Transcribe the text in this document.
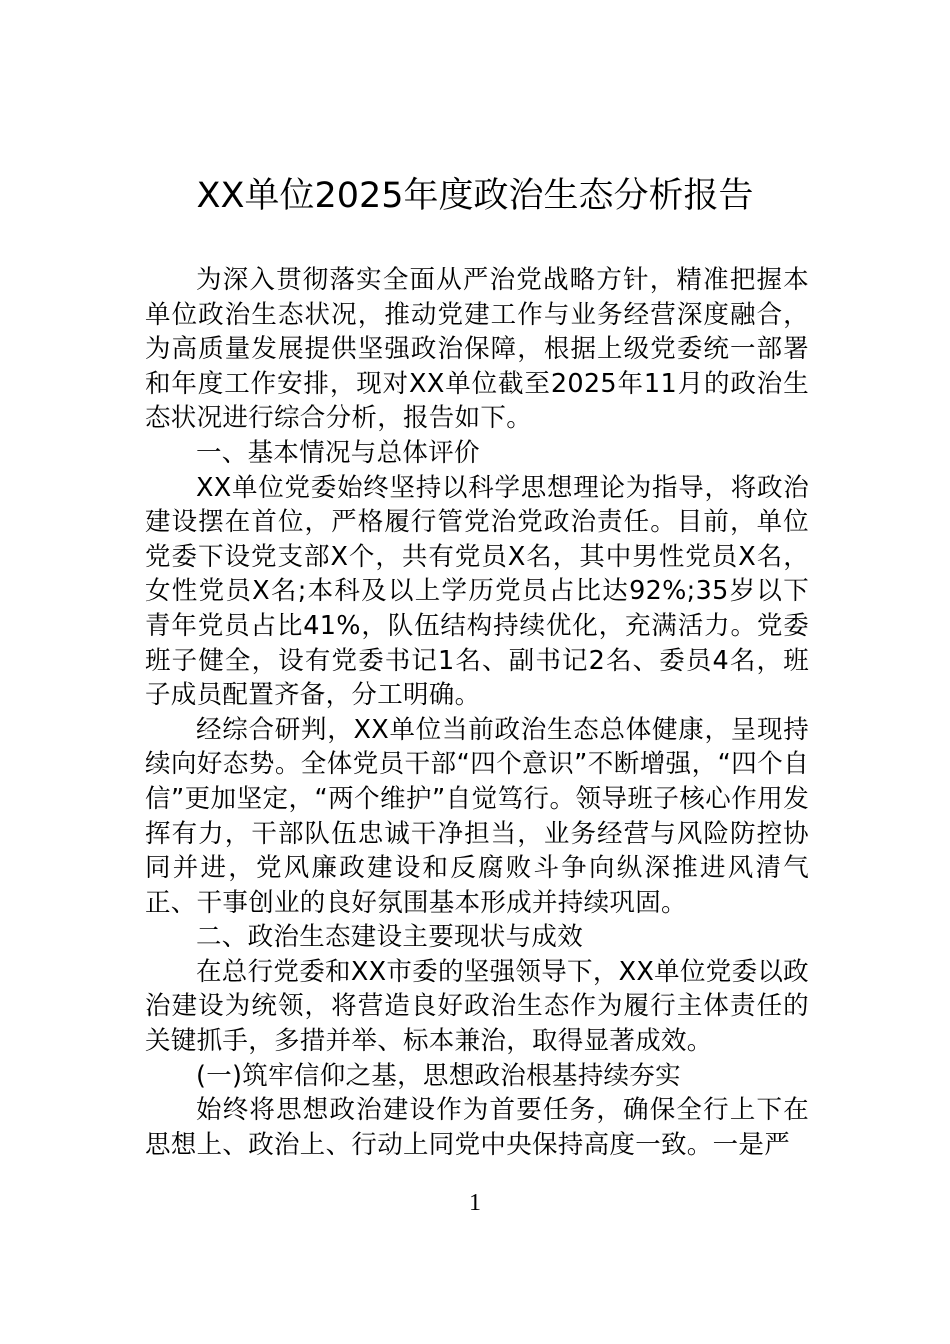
XX单位2025年度政治生态分析报告

为深入贯彻落实全面从严治党战略方针，精准把握本单位政治生态状况，推动党建工作与业务经营深度融合，为高质量发展提供坚强政治保障，根据上级党委统一部署和年度工作安排，现对XX单位截至2025年11月的政治生态状况进行综合分析，报告如下。

一、基本情况与总体评价

XX单位党委始终坚持以科学思想理论为指导，将政治建设摆在首位，严格履行管党治党政治责任。目前，单位党委下设党支部X个，共有党员X名，其中男性党员X名，女性党员X名;本科及以上学历党员占比达92%;35岁以下青年党员占比41%，队伍结构持续优化，充满活力。党委班子健全，设有党委书记1名、副书记2名、委员4名，班子成员配置齐备，分工明确。

经综合研判，XX单位当前政治生态总体健康，呈现持续向好态势。全体党员干部“四个意识”不断增强，“四个自信”更加坚定，“两个维护”自觉笃行。领导班子核心作用发挥有力，干部队伍忠诚干净担当，业务经营与风险防控协同并进，党风廉政建设和反腐败斗争向纵深推进风清气正、干事创业的良好氛围基本形成并持续巩固。

二、政治生态建设主要现状与成效

在总行党委和XX市委的坚强领导下，XX单位党委以政治建设为统领，将营造良好政治生态作为履行主体责任的关键抓手，多措并举、标本兼治，取得显著成效。

(一)筑牢信仰之基，思想政治根基持续夯实

始终将思想政治建设作为首要任务，确保全行上下在思想上、政治上、行动上同党中央保持高度一致。一是严

1
